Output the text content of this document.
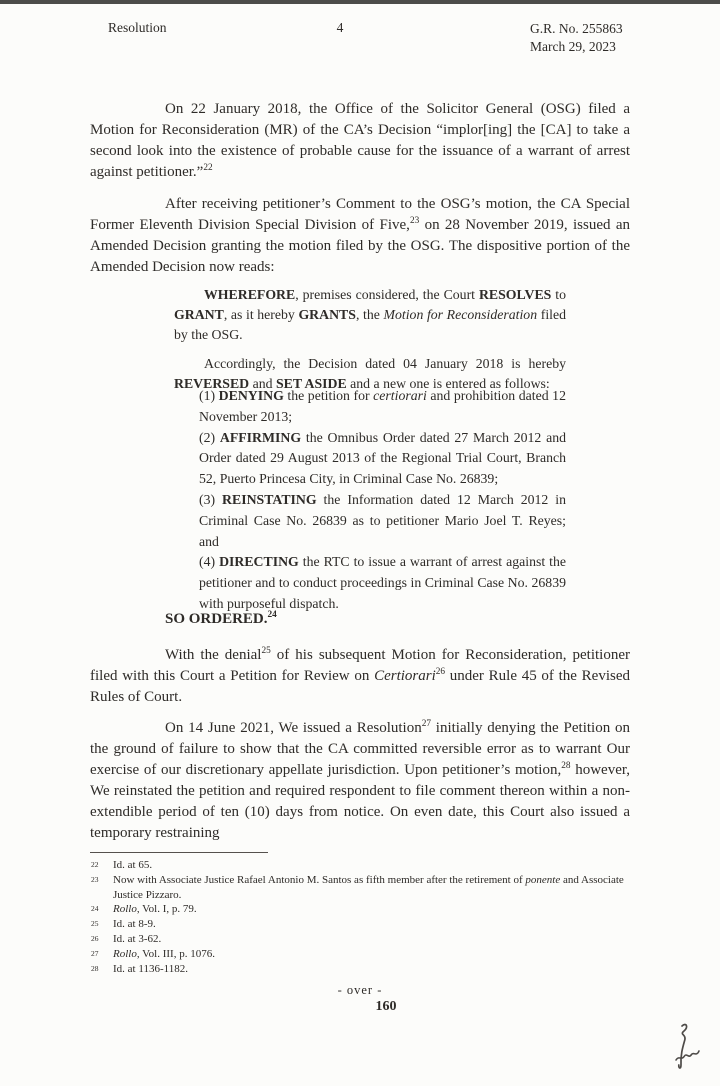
Resolution	4	G.R. No. 255863
March 29, 2023

On 22 January 2018, the Office of the Solicitor General (OSG) filed a Motion for Reconsideration (MR) of the CA’s Decision “implor[ing] the [CA] to take a second look into the existence of probable cause for the issuance of a warrant of arrest against petitioner.”$^{22}$

After receiving petitioner’s Comment to the OSG’s motion, the CA Special Former Eleventh Division Special Division of Five,$^{23}$ on 28 November 2019, issued an Amended Decision granting the motion filed by the OSG. The dispositive portion of the Amended Decision now reads:

WHEREFORE, premises considered, the Court RESOLVES to GRANT, as it hereby GRANTS, the Motion for Reconsideration filed by the OSG.

Accordingly, the Decision dated 04 January 2018 is hereby REVERSED and SET ASIDE and a new one is entered as follows:

(1) DENYING the petition for certiorari and prohibition dated 12 November 2013;
(2) AFFIRMING the Omnibus Order dated 27 March 2012 and Order dated 29 August 2013 of the Regional Trial Court, Branch 52, Puerto Princesa City, in Criminal Case No. 26839;
(3) REINSTATING the Information dated 12 March 2012 in Criminal Case No. 26839 as to petitioner Mario Joel T. Reyes; and
(4) DIRECTING the RTC to issue a warrant of arrest against the petitioner and to conduct proceedings in Criminal Case No. 26839 with purposeful dispatch.

SO ORDERED.$^{24}$

With the denial$^{25}$ of his subsequent Motion for Reconsideration, petitioner filed with this Court a Petition for Review on Certiorari$^{26}$ under Rule 45 of the Revised Rules of Court.

On 14 June 2021, We issued a Resolution$^{27}$ initially denying the Petition on the ground of failure to show that the CA committed reversible error as to warrant Our exercise of our discretionary appellate jurisdiction. Upon petitioner’s motion,$^{28}$ however, We reinstated the petition and required respondent to file comment thereon within a non-extendible period of ten (10) days from notice. On even date, this Court also issued a temporary restraining

22 Id. at 65.
23 Now with Associate Justice Rafael Antonio M. Santos as fifth member after the retirement of ponente and Associate Justice Pizzaro.
24 Rollo, Vol. I, p. 79.
25 Id. at 8-9.
26 Id. at 3-62.
27 Rollo, Vol. III, p. 1076.
28 Id. at 1136-1182.
- over -
160
